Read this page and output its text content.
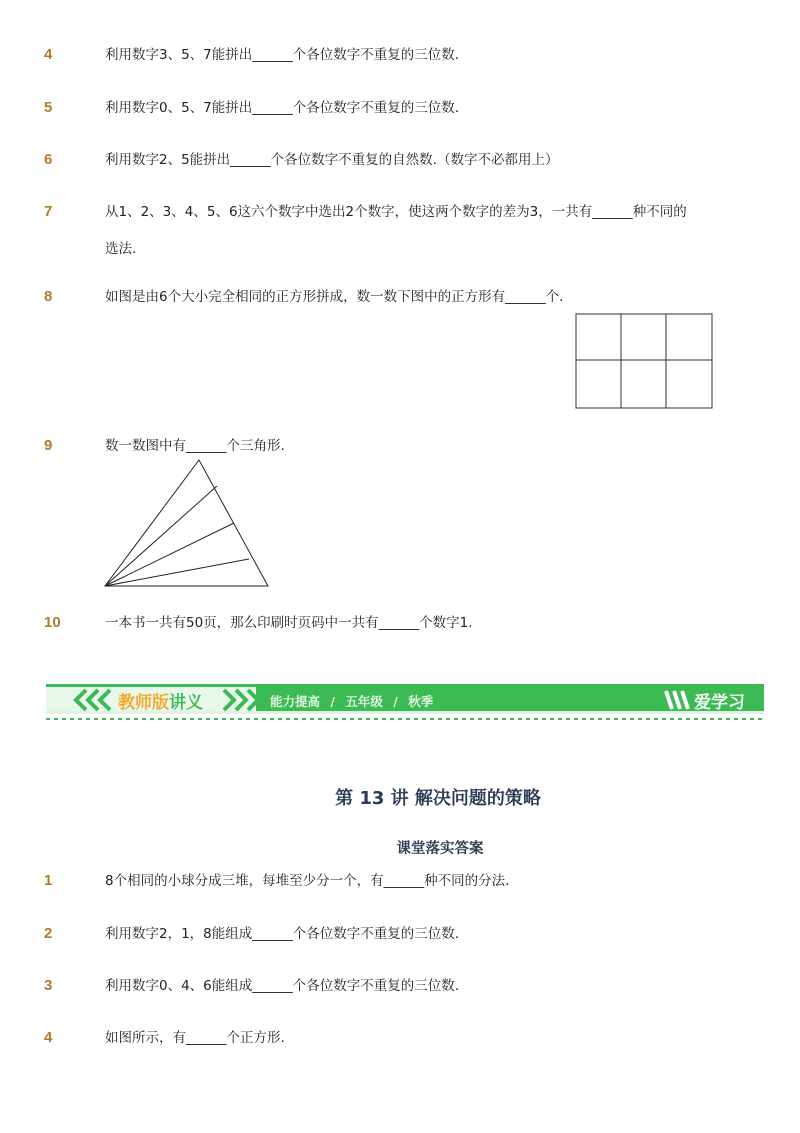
4	利用数字3、5、7能拼出______个各位数字不重复的三位数.
5	利用数字0、5、7能拼出______个各位数字不重复的三位数.
6	利用数字2、5能拼出______个各位数字不重复的自然数.（数字不必都用上）
7	从1、2、3、4、5、6这六个数字中选出2个数字，使这两个数字的差为3，一共有______种不同的
选法.
8	如图是由6个大小完全相同的正方形拼成，数一数下图中的正方形有______个.
9	数一数图中有______个三角形.
10	一本书一共有50页，那么印刷时页码中一共有______个数字1.
教师版讲义	能力提高 / 五年级 / 秋季	爱学习
第 13 讲 解决问题的策略
课堂落实答案
1	8个相同的小球分成三堆，每堆至少分一个，有______种不同的分法.
2	利用数字2，1，8能组成______个各位数字不重复的三位数.
3	利用数字0、4、6能组成______个各位数字不重复的三位数.
4	如图所示，有______个正方形.
